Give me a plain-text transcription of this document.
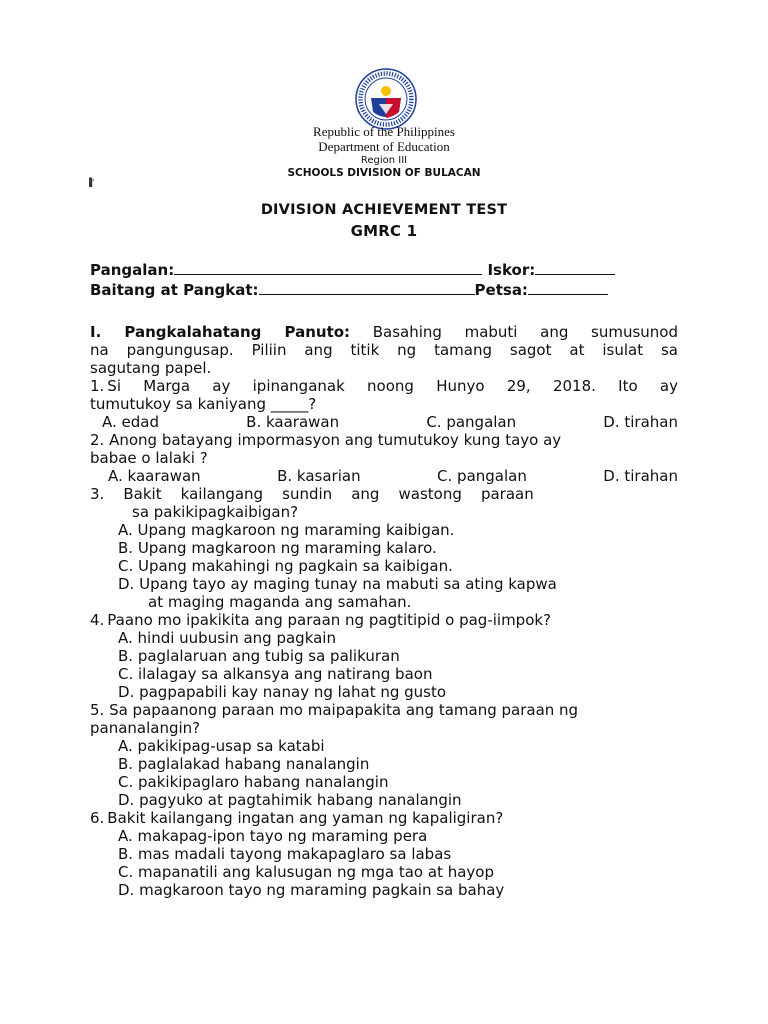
Republic of the Philippines
Department of Education
Region III
SCHOOLS DIVISION OF BULACAN
▐’
DIVISION ACHIEVEMENT TEST
GMRC 1
Pangalan:	Iskor:
Baitang at Pangkat:	Petsa:

I. Pangkalahatang Panuto: Basahing mabuti ang sumusunod

na pangungusap. Piliin ang titik ng tamang sagot at isulat sa

sagutang papel.

1. Si Marga ay ipinanganak noong Hunyo 29, 2018. Ito ay

tumutukoy sa kaniyang _____?

A. edad	B. kaarawan	C. pangalan	D. tirahan

2. Anong batayang impormasyon ang tumutukoy kung tayo ay

babae o lalaki ?

A. kaarawan	B. kasarian	C. pangalan	D. tirahan

3.    Bakit    kailangang    sundin    ang    wastong    paraan

sa pakikipagkaibigan?

A. Upang magkaroon ng maraming kaibigan.

B. Upang magkaroon ng maraming kalaro.

C. Upang makahingi ng pagkain sa kaibigan.

D. Upang tayo ay maging tunay na mabuti sa ating kapwa

at maging maganda ang samahan.

4. Paano mo ipakikita ang paraan ng pagtitipid o pag-iimpok?

A. hindi uubusin ang pagkain

B. paglalaruan ang tubig sa palikuran

C. ilalagay sa alkansya ang natirang baon

D. pagpapabili kay nanay ng lahat ng gusto

5. Sa papaanong paraan mo maipapakita ang tamang paraan ng

pananalangin?

A. pakikipag-usap sa katabi

B. paglalakad habang nanalangin

C. pakikipaglaro habang nanalangin

D. pagyuko at pagtahimik habang nanalangin

6. Bakit kailangang ingatan ang yaman ng kapaligiran?

A. makapag-ipon tayo ng maraming pera

B. mas madali tayong makapaglaro sa labas

C. mapanatili ang kalusugan ng mga tao at hayop

D. magkaroon tayo ng maraming pagkain sa bahay
